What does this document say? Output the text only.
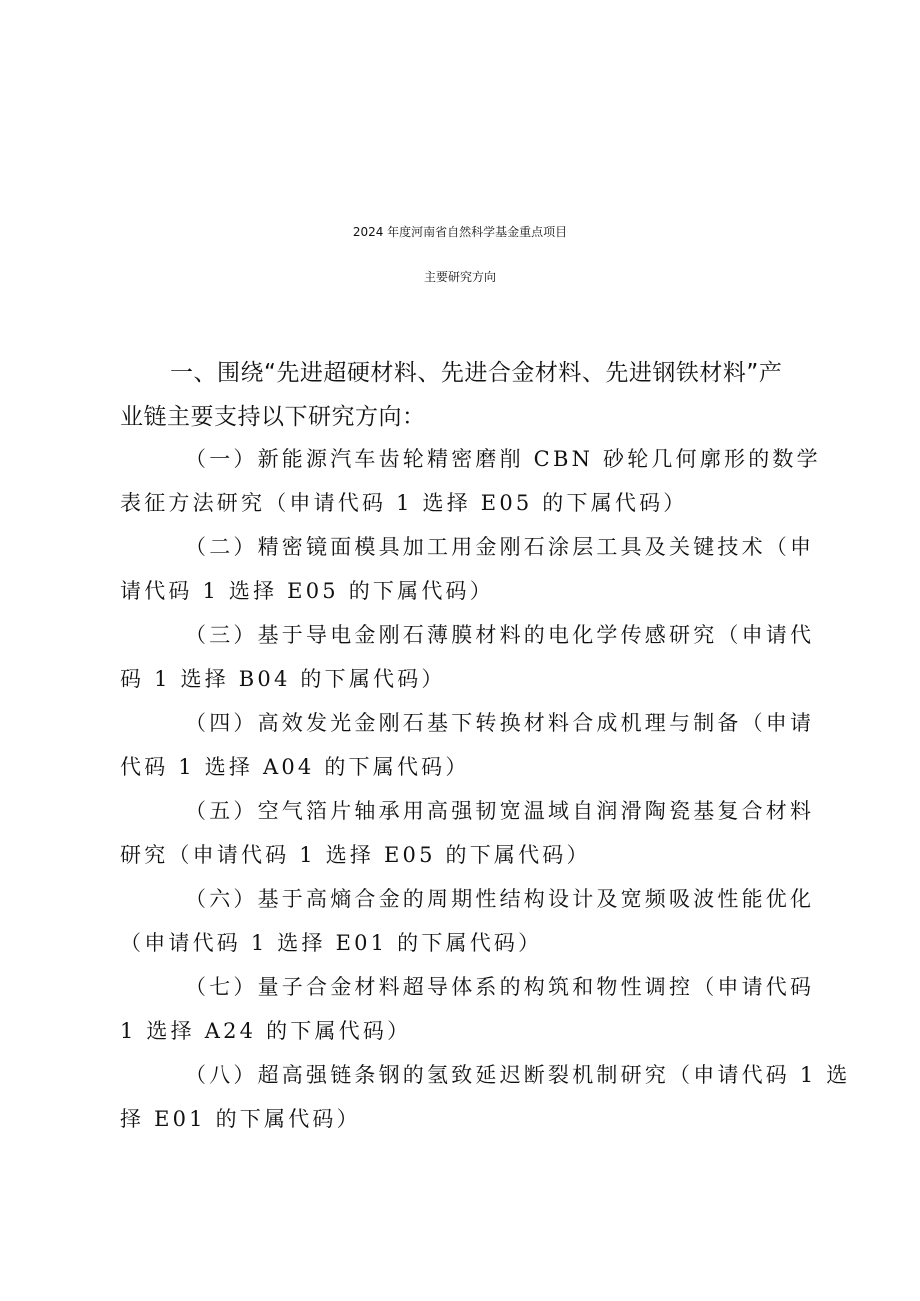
2024 年度河南省自然科学基金重点项目
主要研究方向
一、围绕“先进超硬材料、先进合金材料、先进钢铁材料”产
业链主要支持以下研究方向：
（一）新能源汽车齿轮精密磨削 CBN 砂轮几何廓形的数学
表征方法研究（申请代码 1 选择 E05 的下属代码）
（二）精密镜面模具加工用金刚石涂层工具及关键技术（申
请代码 1 选择 E05 的下属代码）
（三）基于导电金刚石薄膜材料的电化学传感研究（申请代
码 1 选择 B04 的下属代码）
（四）高效发光金刚石基下转换材料合成机理与制备（申请
代码 1 选择 A04 的下属代码）
（五）空气箔片轴承用高强韧宽温域自润滑陶瓷基复合材料
研究（申请代码 1 选择 E05 的下属代码）
（六）基于高熵合金的周期性结构设计及宽频吸波性能优化
（申请代码 1 选择 E01 的下属代码）
（七）量子合金材料超导体系的构筑和物性调控（申请代码
1 选择 A24 的下属代码）
（八）超高强链条钢的氢致延迟断裂机制研究（申请代码 1 选
择 E01 的下属代码）
